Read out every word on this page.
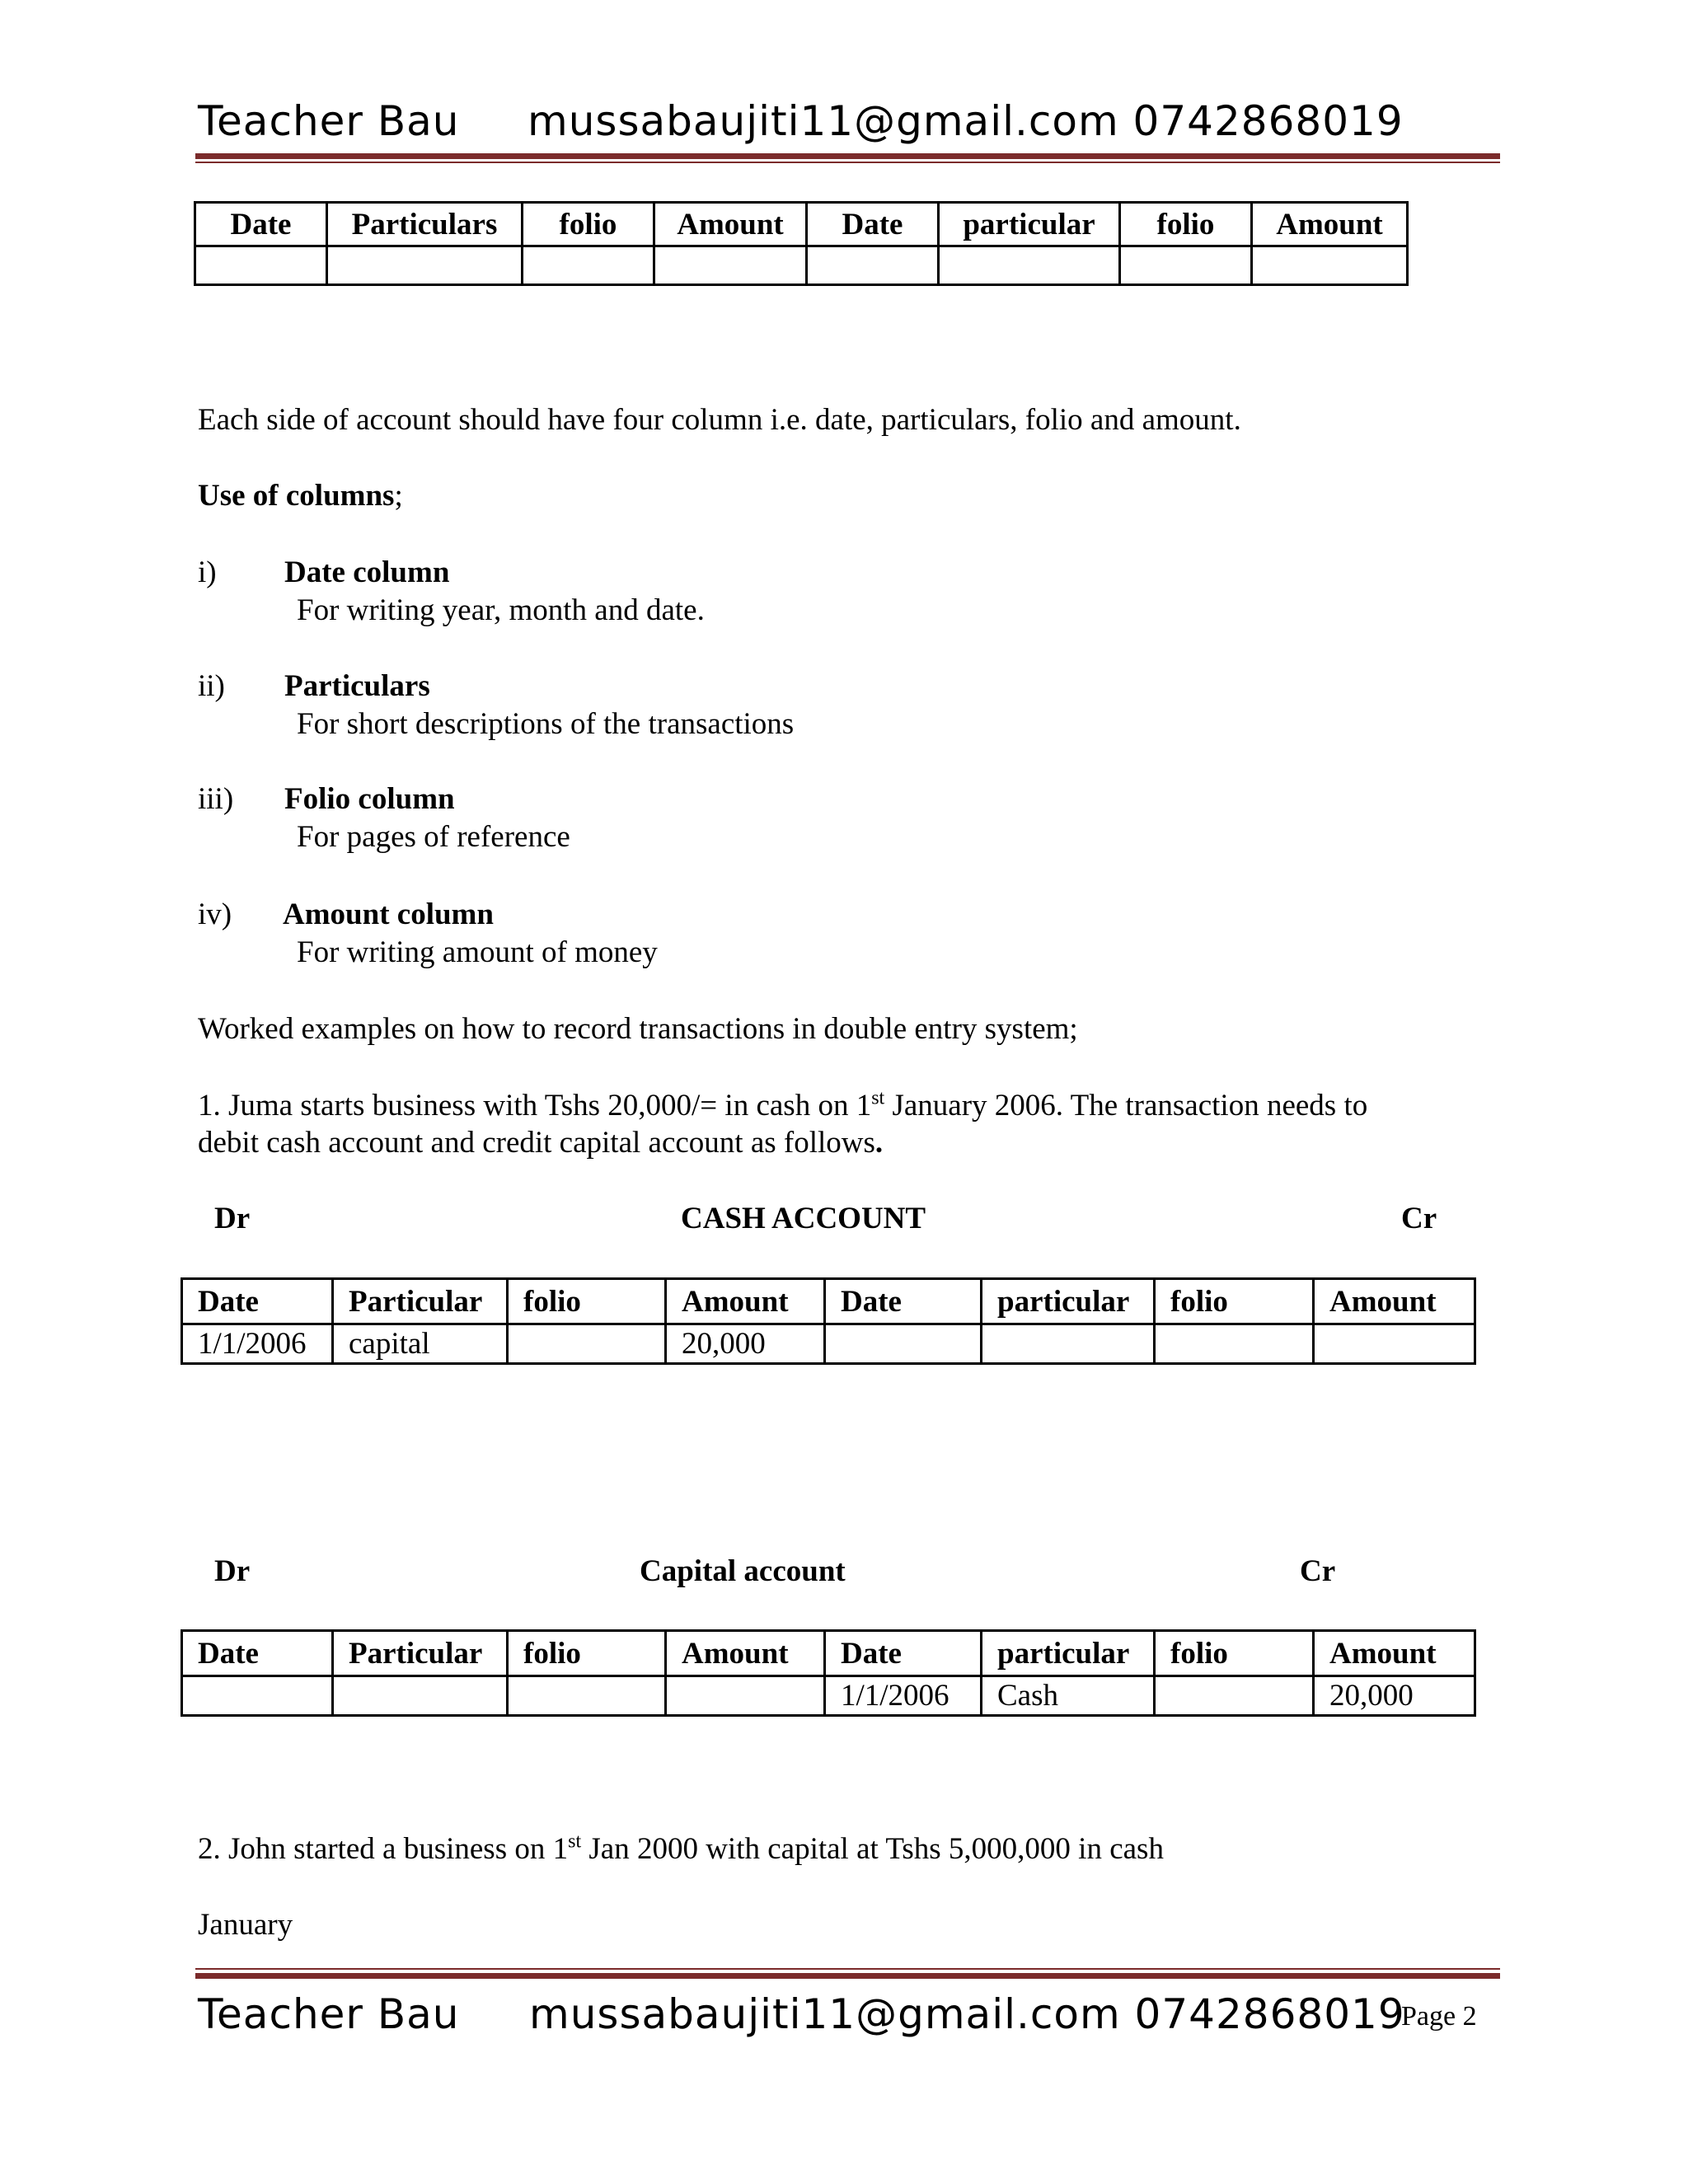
Teacher Bau mussabaujiti11@gmail.com 0742868019
Date	Particulars	folio	Amount	Date	particular	folio	Amount

Each side of account should have four column i.e. date, particulars, folio and amount.
Use of columns;
i) Date column
For writing year, month and date.
ii) Particulars
For short descriptions of the transactions
iii) Folio column
For pages of reference
iv) Amount column
For writing amount of money
Worked examples on how to record transactions in double entry system;
1. Juma starts business with Tshs 20,000/= in cash on 1st January 2006. The transaction needs to
debit cash account and credit capital account as follows.
Dr	CASH ACCOUNT	Cr
Date	Particular	folio	Amount	Date	particular	folio	Amount
1/1/2006	capital		20,000				
Dr	Capital account	Cr
Date	Particular	folio	Amount	Date	particular	folio	Amount
				1/1/2006	Cash		20,000
2. John started a business on 1st Jan 2000 with capital at Tshs 5,000,000 in cash
January
Teacher Bau mussabaujiti11@gmail.com 0742868019
Page 2
